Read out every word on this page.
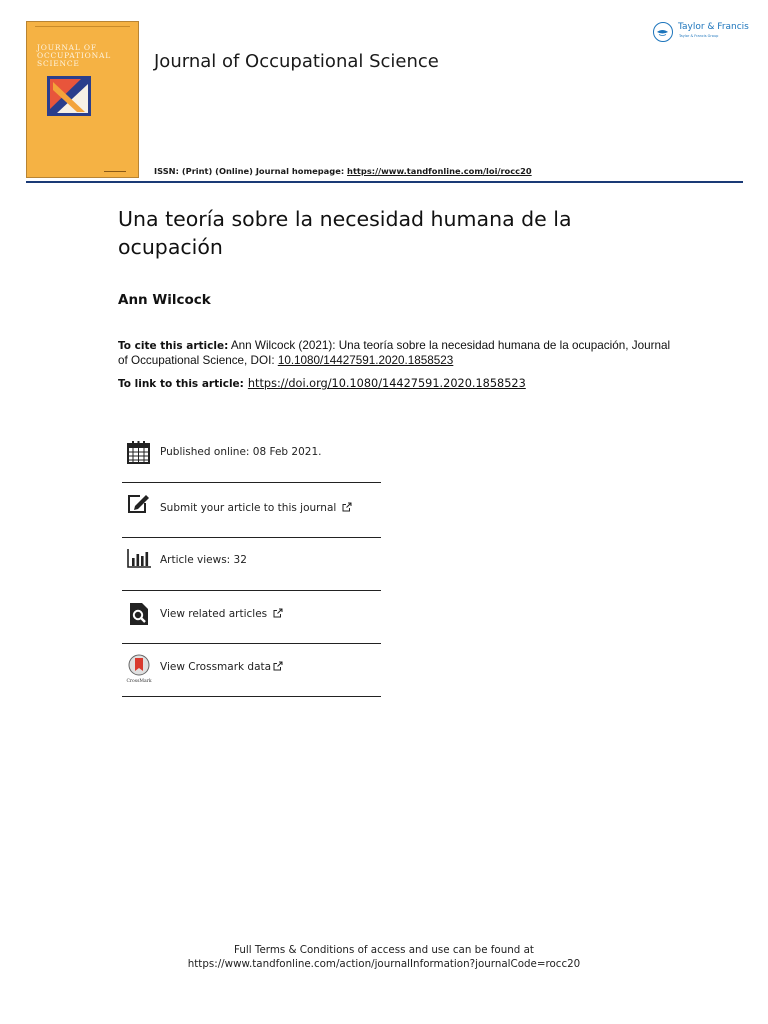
JOURNAL OF OCCUPATIONAL SCIENCE	Journal of Occupational Science
Taylor & Francis
Taylor & Francis Group
ISSN: (Print) (Online) Journal homepage: https://www.tandfonline.com/loi/rocc20
Una teoría sobre la necesidad humana de la ocupación
Ann Wilcock
To cite this article: Ann Wilcock (2021): Una teoría sobre la necesidad humana de la ocupación, Journal of Occupational Science, DOI: 10.1080/14427591.2020.1858523
To link to this article: https://doi.org/10.1080/14427591.2020.1858523
Published online: 08 Feb 2021.
Submit your article to this journal
Article views: 32
View related articles
CrossMark
View Crossmark data
Full Terms & Conditions of access and use can be found at
https://www.tandfonline.com/action/journalInformation?journalCode=rocc20
